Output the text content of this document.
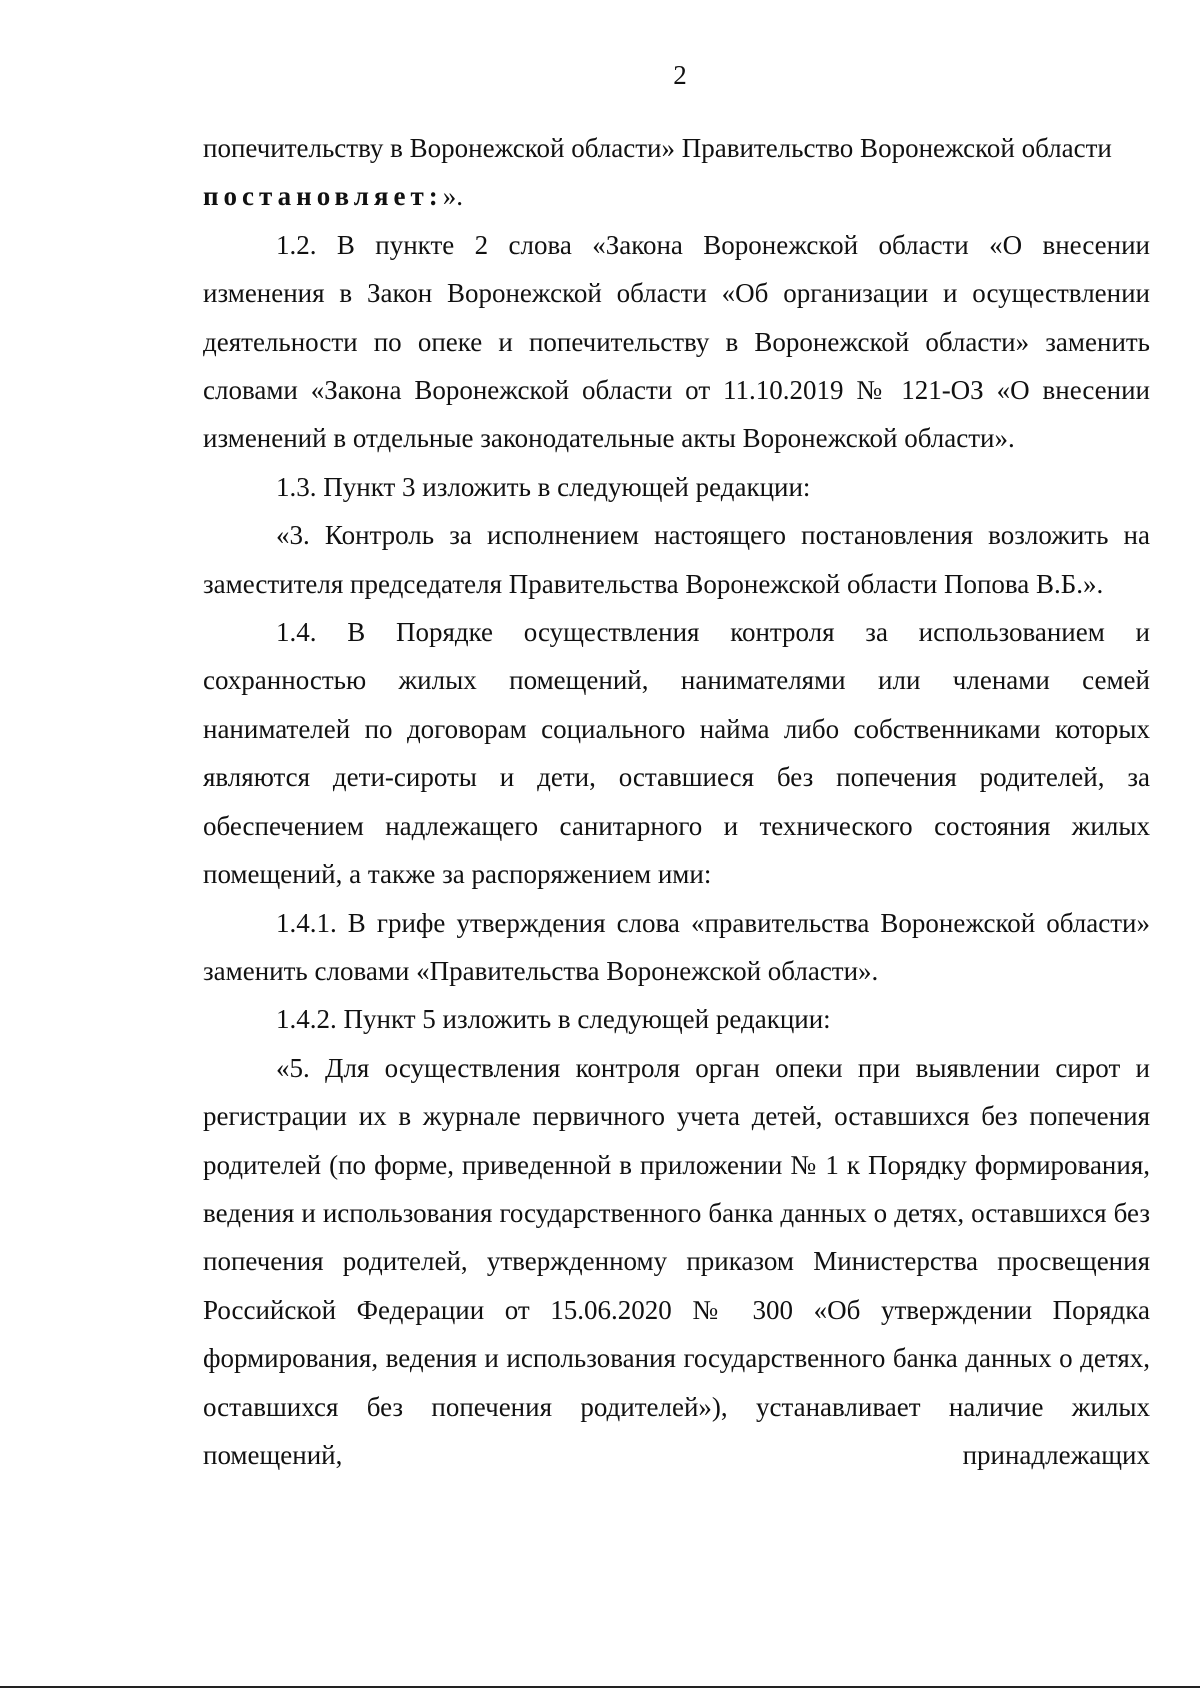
2

попечительству в Воронежской области» Правительство Воронежской области
постановляет:».

1.2. В пункте 2 слова «Закона Воронежской области «О внесении изменения в Закон Воронежской области «Об организации и осуществлении деятельности по опеке и попечительству в Воронежской области» заменить словами «Закона Воронежской области от 11.10.2019 № 121-ОЗ «О внесении изменений в отдельные законодательные акты Воронежской области».

1.3. Пункт 3 изложить в следующей редакции:

«3. Контроль за исполнением настоящего постановления возложить на заместителя председателя Правительства Воронежской области Попова В.Б.».

1.4. В Порядке осуществления контроля за использованием и сохранностью жилых помещений, нанимателями или членами семей нанимателей по договорам социального найма либо собственниками которых являются дети-сироты и дети, оставшиеся без попечения родителей, за обеспечением надлежащего санитарного и технического состояния жилых помещений, а также за распоряжением ими:

1.4.1. В грифе утверждения слова «правительства Воронежской области» заменить словами «Правительства Воронежской области».

1.4.2. Пункт 5 изложить в следующей редакции:

«5. Для осуществления контроля орган опеки при выявлении сирот и регистрации их в журнале первичного учета детей, оставшихся без попечения родителей (по форме, приведенной в приложении № 1 к Порядку формирования, ведения и использования государственного банка данных о детях, оставшихся без попечения родителей, утвержденному приказом Министерства просвещения Российской Федерации от 15.06.2020 № 300 «Об утверждении Порядка формирования, ведения и использования государственного банка данных о детях, оставшихся без попечения родителей»), устанавливает наличие жилых помещений, принадлежащих
